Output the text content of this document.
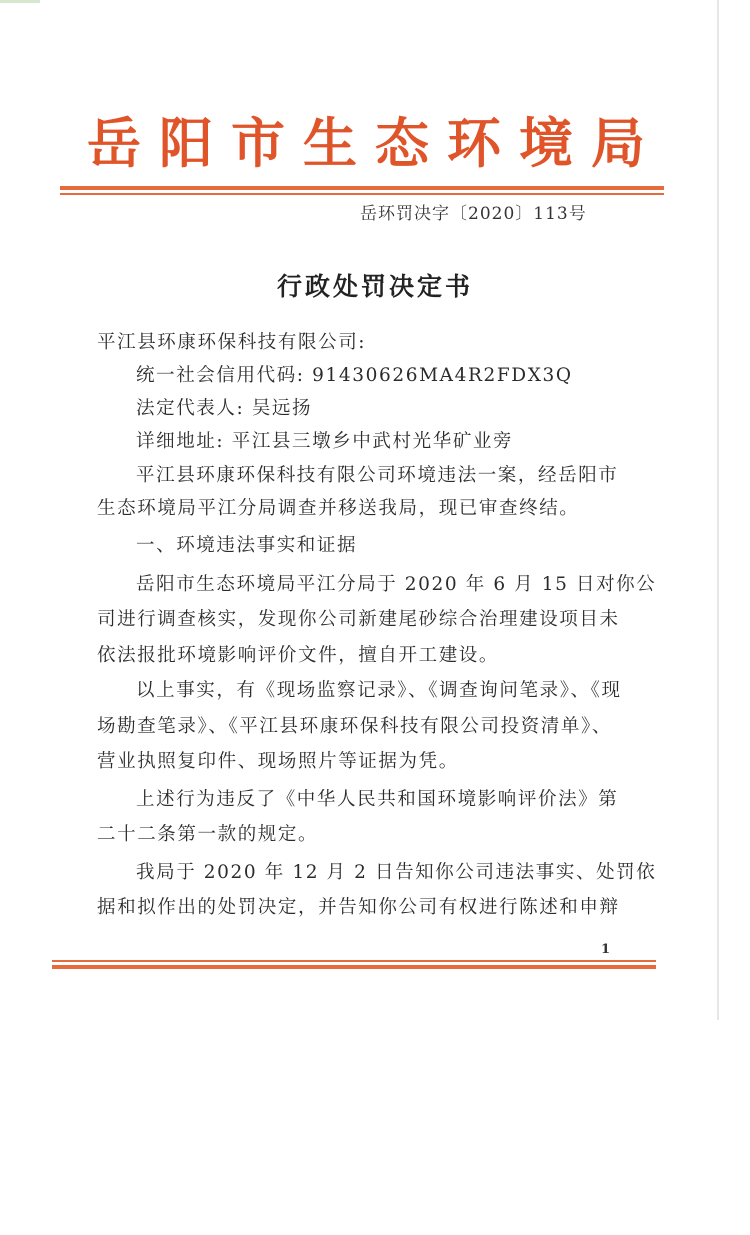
岳阳市生态环境局
岳环罚决字〔2020〕113号
行政处罚决定书
平江县环康环保科技有限公司:
统一社会信用代码: 91430626MA4R2FDX3Q
法定代表人: 吴远扬
详细地址: 平江县三墩乡中武村光华矿业旁
平江县环康环保科技有限公司环境违法一案，经岳阳市
生态环境局平江分局调查并移送我局，现已审查终结。
一、环境违法事实和证据
岳阳市生态环境局平江分局于 2020 年 6 月 15 日对你公
司进行调查核实，发现你公司新建尾砂综合治理建设项目未
依法报批环境影响评价文件，擅自开工建设。
以上事实，有《现场监察记录》、《调查询问笔录》、《现
场勘查笔录》、《平江县环康环保科技有限公司投资清单》、
营业执照复印件、现场照片等证据为凭。
上述行为违反了《中华人民共和国环境影响评价法》第
二十二条第一款的规定。
我局于 2020 年 12 月 2 日告知你公司违法事实、处罚依
据和拟作出的处罚决定，并告知你公司有权进行陈述和申辩
1
